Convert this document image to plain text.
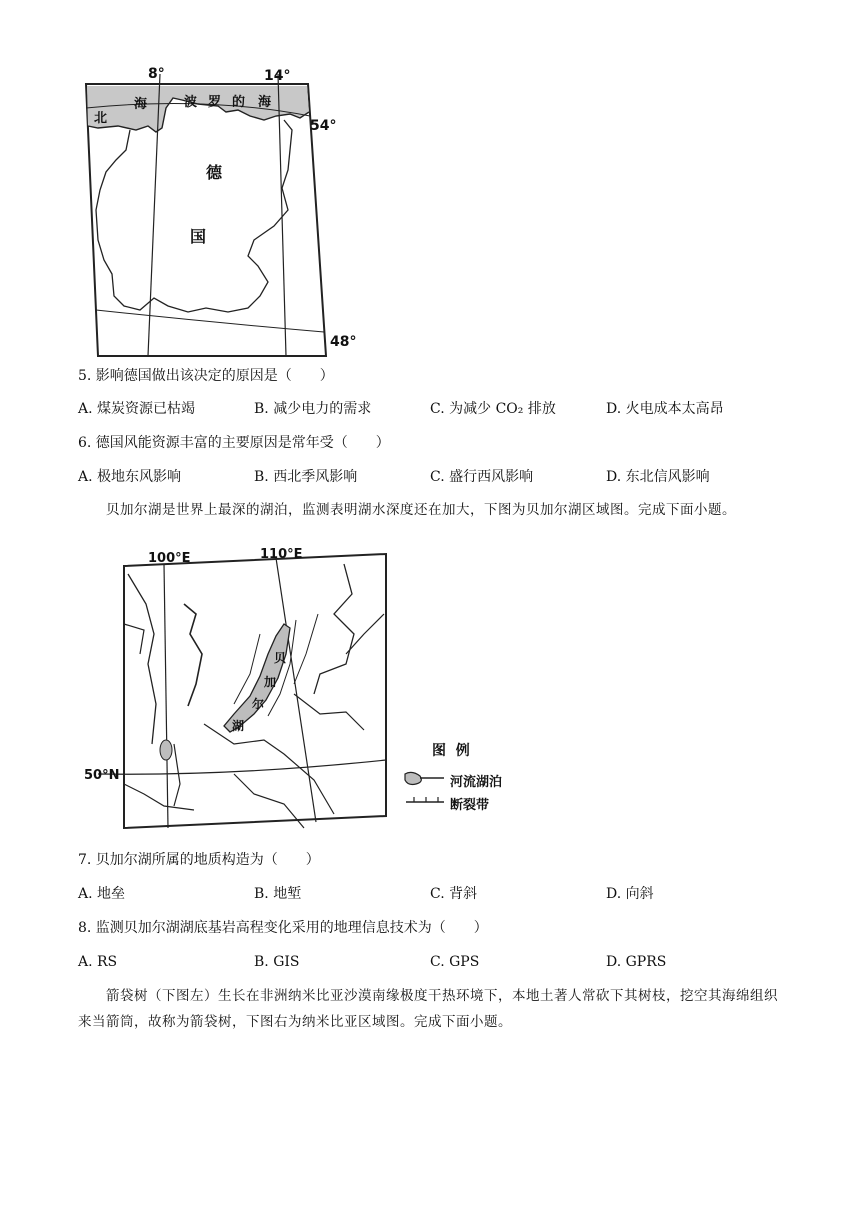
8°	14°
54°
48°
北
海	波 罗 的 海
德
国
5. 影响德国做出该决定的原因是（　　）
A. 煤炭资源已枯竭	B. 减少电力的需求	C. 为减少 CO₂ 排放	D. 火电成本太高昂
6. 德国风能资源丰富的主要原因是常年受（　　）
A. 极地东风影响	B. 西北季风影响	C. 盛行西风影响	D. 东北信风影响
贝加尔湖是世界上最深的湖泊，监测表明湖水深度还在加大，下图为贝加尔湖区域图。完成下面小题。
贝
加
尔
湖
100°E	110°E
50°N
图  例
河流湖泊
断裂带
7. 贝加尔湖所属的地质构造为（　　）
A. 地垒	B. 地堑	C. 背斜	D. 向斜
8. 监测贝加尔湖湖底基岩高程变化采用的地理信息技术为（　　）
A. RS	B. GIS	C. GPS	D. GPRS
箭袋树（下图左）生长在非洲纳米比亚沙漠南缘极度干热环境下，本地土著人常砍下其树枝，挖空其海绵组织来当箭筒，故称为箭袋树，下图右为纳米比亚区域图。完成下面小题。
